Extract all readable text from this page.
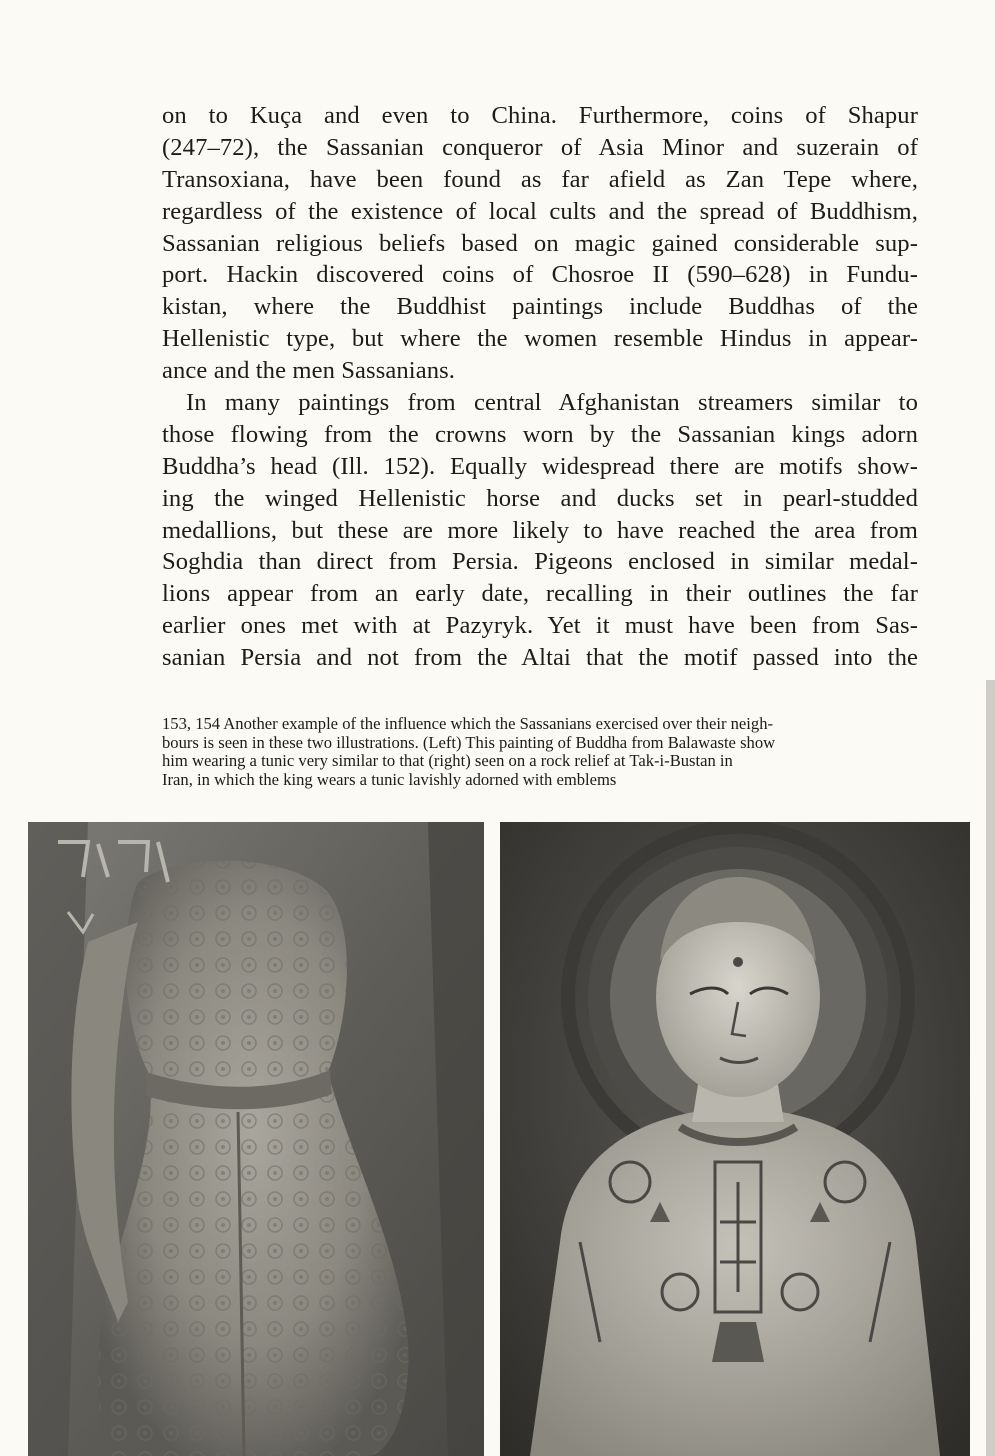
on to Kuça and even to China. Furthermore, coins of Shapur
(247–72), the Sassanian conqueror of Asia Minor and suzerain of
Transoxiana, have been found as far afield as Zan Tepe where,
regardless of the existence of local cults and the spread of Buddhism,
Sassanian religious beliefs based on magic gained considerable sup-
port. Hackin discovered coins of Chosroe II (590–628) in Fundu-
kistan, where the Buddhist paintings include Buddhas of the
Hellenistic type, but where the women resemble Hindus in appear-
ance and the men Sassanians.
In many paintings from central Afghanistan streamers similar to
those flowing from the crowns worn by the Sassanian kings adorn
Buddha’s head (Ill. 152). Equally widespread there are motifs show-
ing the winged Hellenistic horse and ducks set in pearl-studded
medallions, but these are more likely to have reached the area from
Soghdia than direct from Persia. Pigeons enclosed in similar medal-
lions appear from an early date, recalling in their outlines the far
earlier ones met with at Pazyryk. Yet it must have been from Sas-
sanian Persia and not from the Altai that the motif passed into the
153, 154 Another example of the influence which the Sassanians exercised over their neigh-
bours is seen in these two illustrations. (Left) This painting of Buddha from Balawaste show
him wearing a tunic very similar to that (right) seen on a rock relief at Tak-i-Bustan in
Iran, in which the king wears a tunic lavishly adorned with emblems
